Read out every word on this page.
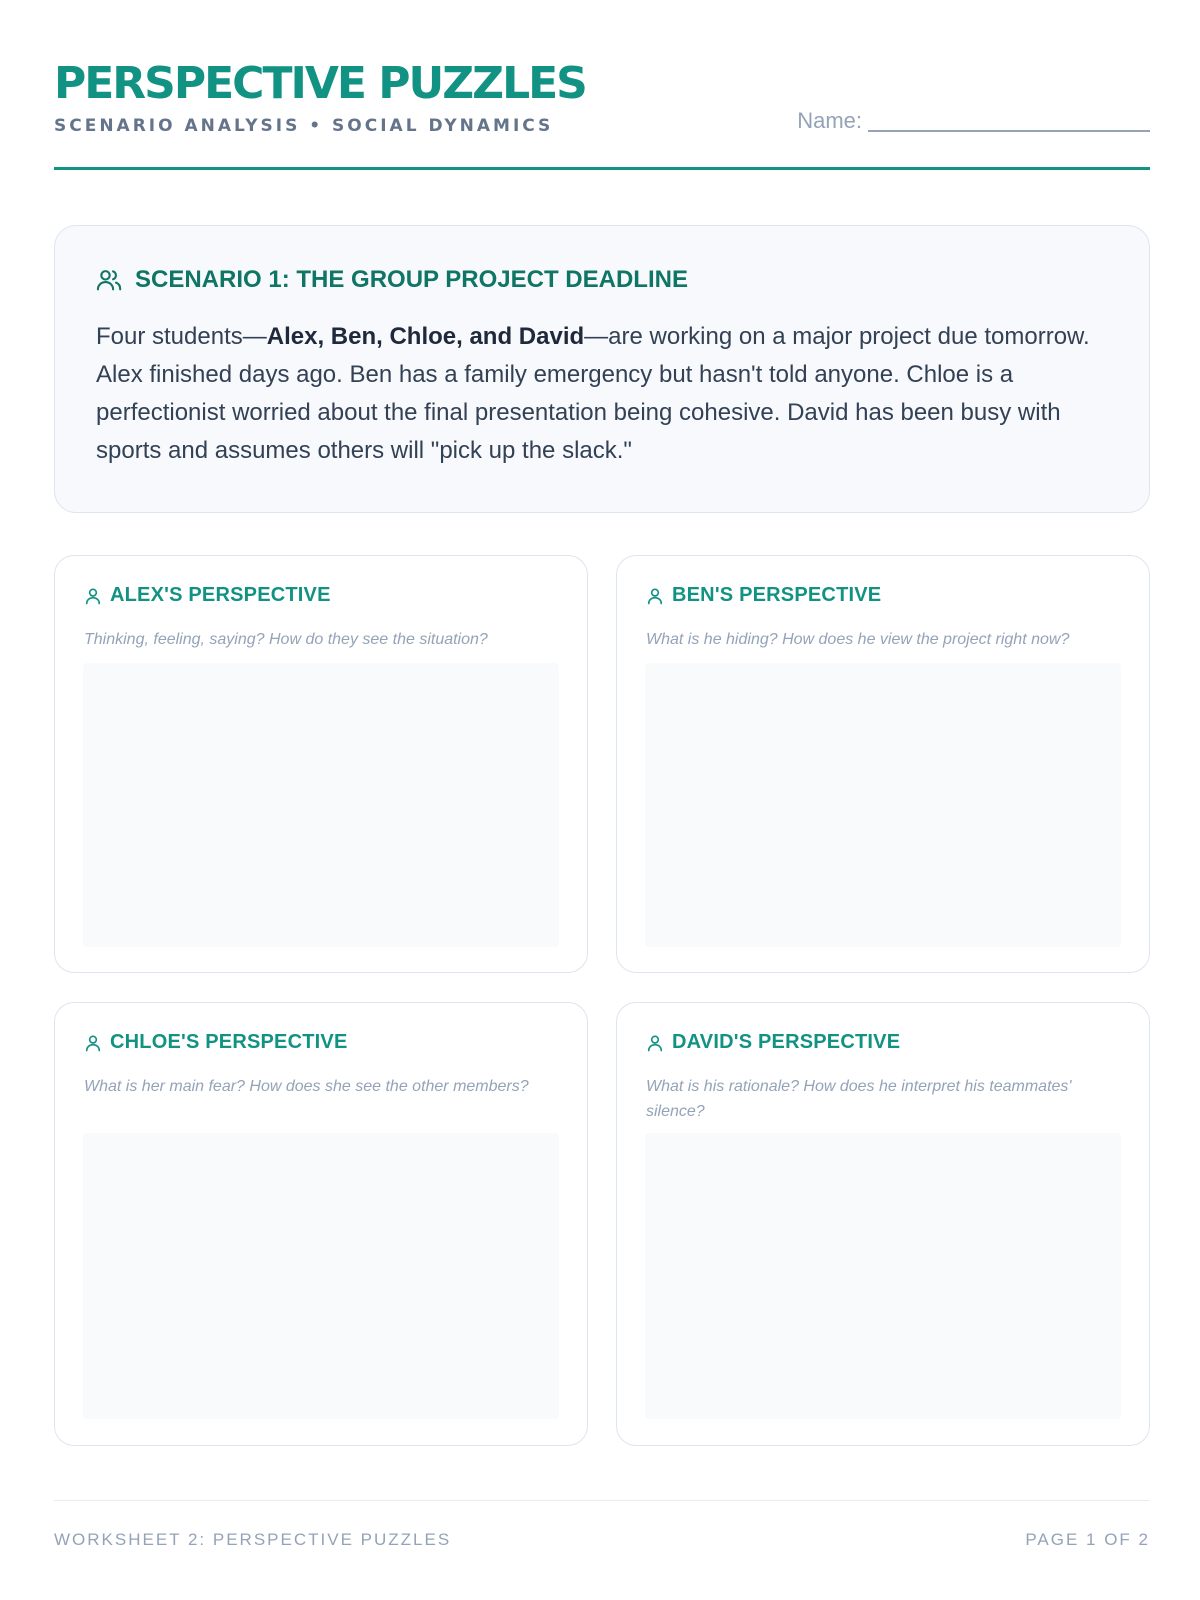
PERSPECTIVE PUZZLES
SCENARIO ANALYSIS • SOCIAL DYNAMICS	Name:
SCENARIO 1: THE GROUP PROJECT DEADLINE

Four students—Alex, Ben, Chloe, and David—are working on a major project due tomorrow. Alex finished days ago. Ben has a family emergency but hasn't told anyone. Chloe is a perfectionist worried about the final presentation being cohesive. David has been busy with sports and assumes others will "pick up the slack."

ALEX'S PERSPECTIVE
Thinking, feeling, saying? How do they see the situation?
BEN'S PERSPECTIVE
What is he hiding? How does he view the project right now?
CHLOE'S PERSPECTIVE
What is her main fear? How does she see the other members?
DAVID'S PERSPECTIVE
What is his rationale? How does he interpret his teammates' silence?
WORKSHEET 2: PERSPECTIVE PUZZLES	PAGE 1 OF 2
